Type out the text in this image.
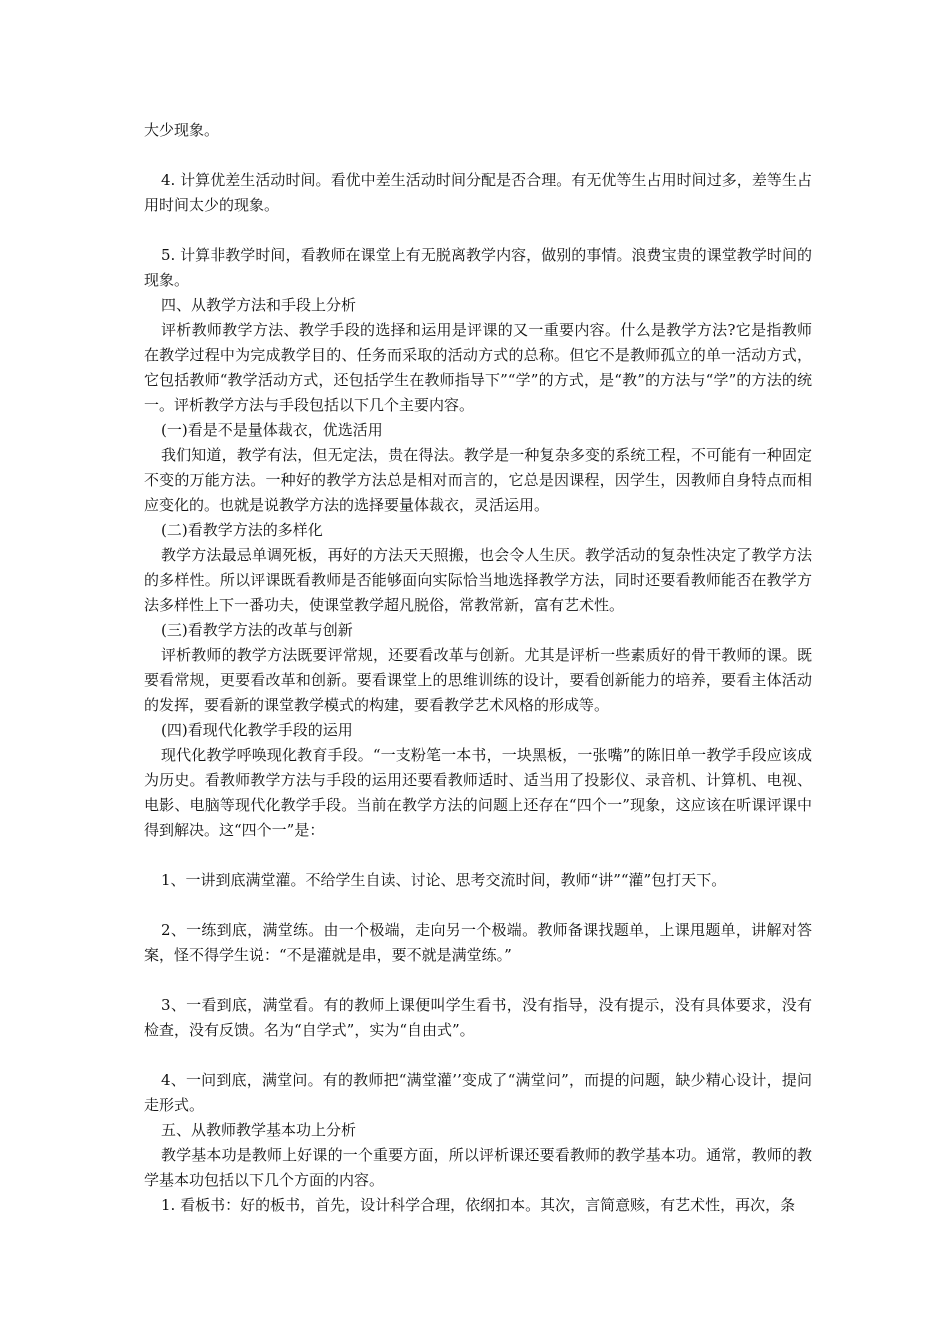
大少现象。

4. 计算优差生活动时间。看优中差生活动时间分配是否合理。有无优等生占用时间过多，差等生占用时间太少的现象。

5. 计算非教学时间，看教师在课堂上有无脱离教学内容，做别的事情。浪费宝贵的课堂教学时间的现象。

四、从教学方法和手段上分析

评析教师教学方法、教学手段的选择和运用是评课的又一重要内容。什么是教学方法?它是指教师在教学过程中为完成教学目的、任务而采取的活动方式的总称。但它不是教师孤立的单一活动方式，它包括教师“教学活动方式，还包括学生在教师指导下”“学”的方式，是“教”的方法与“学”的方法的统一。评析教学方法与手段包括以下几个主要内容。

(一)看是不是量体裁衣，优选活用

我们知道，教学有法，但无定法，贵在得法。教学是一种复杂多变的系统工程，不可能有一种固定不变的万能方法。一种好的教学方法总是相对而言的，它总是因课程，因学生，因教师自身特点而相应变化的。也就是说教学方法的选择要量体裁衣，灵活运用。

(二)看教学方法的多样化

教学方法最忌单调死板，再好的方法天天照搬，也会令人生厌。教学活动的复杂性决定了教学方法的多样性。所以评课既看教师是否能够面向实际恰当地选择教学方法，同时还要看教师能否在教学方法多样性上下一番功夫，使课堂教学超凡脱俗，常教常新，富有艺术性。

(三)看教学方法的改革与创新

评析教师的教学方法既要评常规，还要看改革与创新。尤其是评析一些素质好的骨干教师的课。既要看常规，更要看改革和创新。要看课堂上的思维训练的设计，要看创新能力的培养，要看主体活动的发挥，要看新的课堂教学模式的构建，要看教学艺术风格的形成等。

(四)看现代化教学手段的运用

现代化教学呼唤现化教育手段。“一支粉笔一本书，一块黑板，一张嘴”的陈旧单一教学手段应该成为历史。看教师教学方法与手段的运用还要看教师适时、适当用了投影仪、录音机、计算机、电视、电影、电脑等现代化教学手段。当前在教学方法的问题上还存在“四个一”现象，这应该在听课评课中得到解决。这“四个一”是：

1、一讲到底满堂灌。不给学生自读、讨论、思考交流时间，教师“讲”“灌”包打天下。

2、一练到底，满堂练。由一个极端，走向另一个极端。教师备课找题单，上课甩题单，讲解对答案，怪不得学生说：“不是灌就是串，要不就是满堂练。”

3、一看到底，满堂看。有的教师上课便叫学生看书，没有指导，没有提示，没有具体要求，没有检查，没有反馈。名为“自学式”，实为“自由式”。

4、一问到底，满堂问。有的教师把“满堂灌’’变成了“满堂问”，而提的问题，缺少精心设计，提问走形式。

五、从教师教学基本功上分析

教学基本功是教师上好课的一个重要方面，所以评析课还要看教师的教学基本功。通常，教师的教学基本功包括以下几个方面的内容。

1. 看板书：好的板书，首先，设计科学合理，依纲扣本。其次，言简意赅，有艺术性，再次，条
